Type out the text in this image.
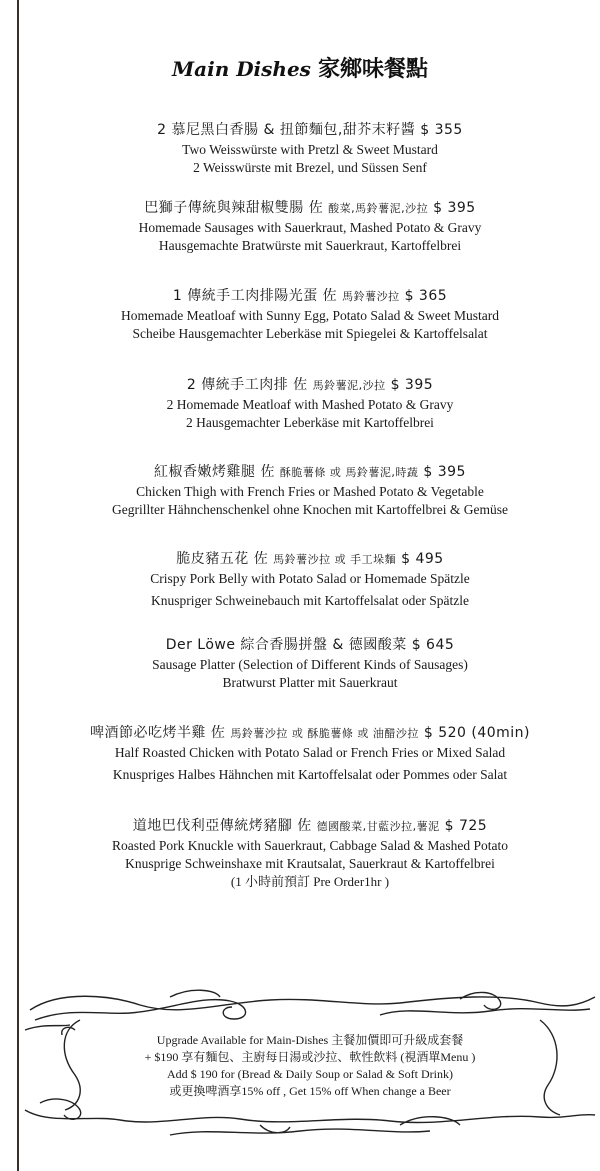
Main Dishes 家鄉味餐點
2 慕尼黑白香腸 & 扭節麵包,甜芥末籽醬 $ 355
Two Weisswürste with Pretzl & Sweet Mustard
2 Weisswürste mit Brezel, und Süssen Senf
巴獅子傳統與辣甜椒雙腸 佐 酸菜,馬鈴薯泥,沙拉 $ 395
Homemade Sausages with Sauerkraut, Mashed Potato & Gravy
Hausgemachte Bratwürste mit Sauerkraut, Kartoffelbrei
1 傳統手工肉排陽光蛋 佐 馬鈴薯沙拉 $ 365
Homemade Meatloaf with Sunny Egg, Potato Salad & Sweet Mustard
Scheibe Hausgemachter Leberkäse mit Spiegelei & Kartoffelsalat
2 傳統手工肉排 佐 馬鈴薯泥,沙拉 $ 395
2 Homemade Meatloaf with Mashed Potato & Gravy
2 Hausgemachter Leberkäse mit Kartoffelbrei
紅椒香嫩烤雞腿 佐 酥脆薯條 或 馬鈴薯泥,時蔬 $ 395
Chicken Thigh with French Fries or Mashed Potato & Vegetable
Gegrillter Hähnchenschenkel ohne Knochen mit Kartoffelbrei & Gemüse
脆皮豬五花 佐 馬鈴薯沙拉 或 手工垛麵 $ 495
Crispy Pork Belly with Potato Salad or Homemade Spätzle
Knuspriger Schweinebauch mit Kartoffelsalat oder Spätzle
Der Löwe 綜合香腸拼盤 & 德國酸菜 $ 645
Sausage Platter (Selection of Different Kinds of Sausages)
Bratwurst Platter mit Sauerkraut
啤酒節必吃烤半雞 佐 馬鈴薯沙拉 或 酥脆薯條 或 油醋沙拉 $ 520 (40min)
Half Roasted Chicken with Potato Salad or French Fries or Mixed Salad
Knuspriges Halbes Hähnchen mit Kartoffelsalat oder Pommes oder Salat
道地巴伐利亞傳統烤豬腳 佐 德國酸菜,甘藍沙拉,薯泥 $ 725
Roasted Pork Knuckle with Sauerkraut, Cabbage Salad & Mashed Potato
Knusprige Schweinshaxe mit Krautsalat, Sauerkraut & Kartoffelbrei
(1 小時前預訂 Pre Order1hr )
Upgrade Available for Main-Dishes 主餐加價即可升級成套餐
+ $190 享有麵包、主廚每日湯或沙拉、軟性飲料 (視酒單Menu )
Add $ 190 for (Bread & Daily Soup or Salad & Soft Drink)
或更換啤酒享15% off , Get 15% off When change a Beer
